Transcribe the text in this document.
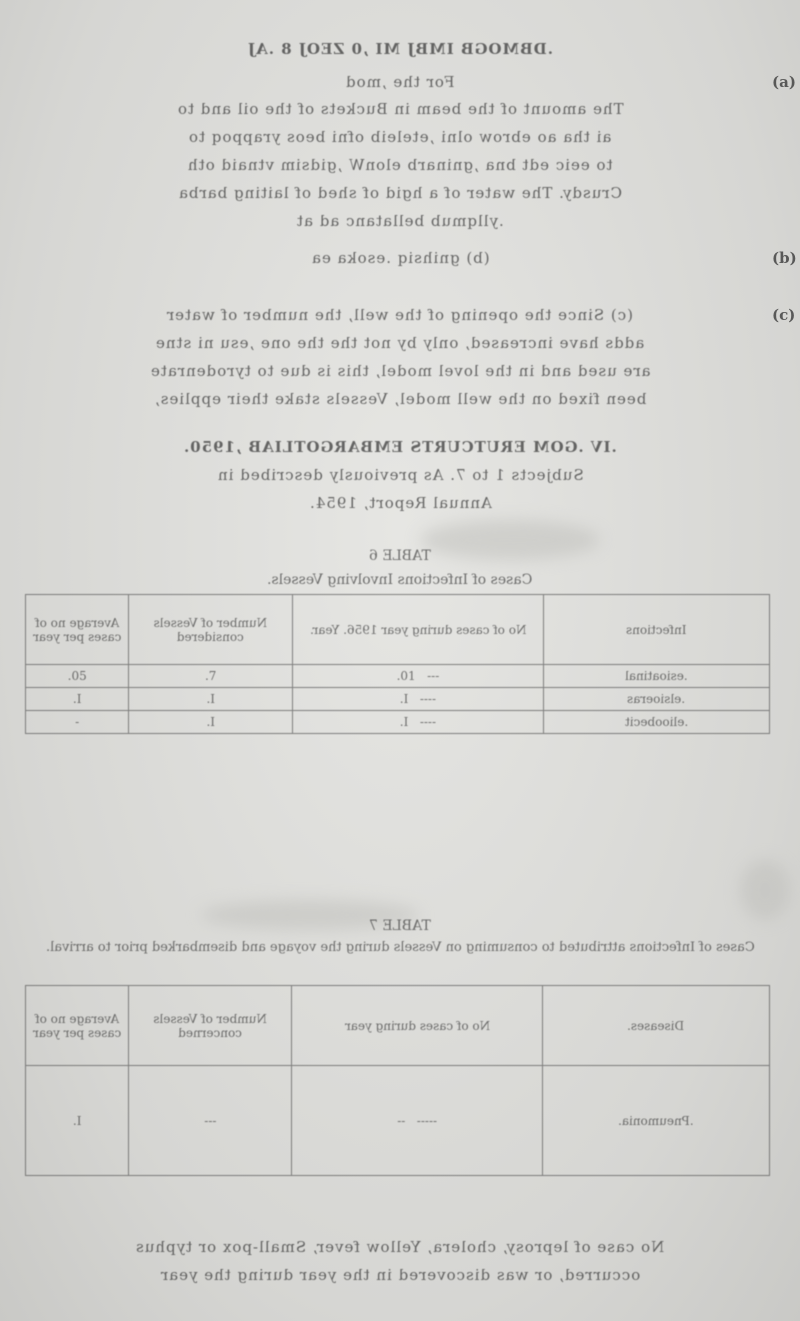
.DBMOGB IMBJ MI ,0 ZEOJ 8 .AJ
(a)
For the ,mod
The amount of the beam in Buckets of the oil and to
ai tha ao ebrow olni ,eteleib ofni beos yrappoq to
to eeic edt bna ,gninarb elonW ,gidsim vtnaid oth
Crusdy. The water of a hgid of shed of laiting barba
.yllqmub bellatanc ad at
(b)
(b) gnihsiq .esoka ea
(c)
(c) Since the opening of the well, the number of water
adds have increased, only by not the the one ,esu ni stne
are used and in the lovel model, this is due to tyrodenrate
been fixed on the well model, Vessels stake their epplies,
.IV .GOM ERUTCURTS EMBARGOTLIAB ,1950.
Subjects 1 to 7. As previously described in
Annual Report, 1954.
TABLE 6
Cases of Infections Involving Vessels.
Average no of cases per year	Number of Vessels considered	No of cases during year 1956. Year.	Infections
.05	.7	.01 ---	.esioatinal
.I	.I	.I ----	.elsioeras
-	.I	.I ----	.elioobecit
TABLE 7
Cases of Infections attributed to consuming on Vessels during the voyage and disembarked prior to arrival.
Average no of cases per year	Number of Vessels concerned	No of cases during year	Diseases.
.I	---	-- -----	.Pneumonia.
No case of leprosy, cholera, Yellow fever, Small-pox or typhus
occurred, or was discovered in the year during the year
